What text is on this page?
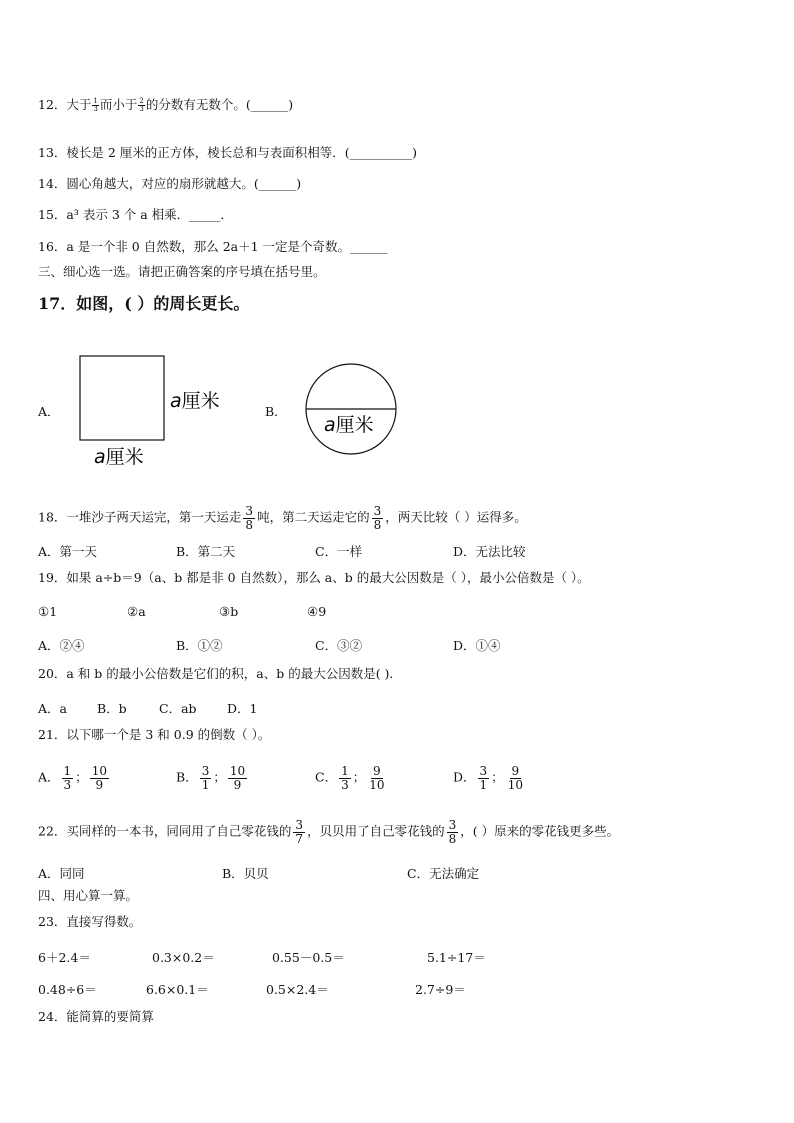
12．大于 $\frac{1}{3}$ 而小于 $\frac{2}{3}$ 的分数有无数个。(______)
13．棱长是 2 厘米的正方体，棱长总和与表面积相等．(__________)
14．圆心角越大，对应的扇形就越大。(______)
15．a³ 表示 3 个 a 相乘．_____．
16．a 是一个非 0 自然数，那么 2a＋1 一定是个奇数。______
三、细心选一选。请把正确答案的序号填在括号里。
17．如图，( ）的周长更长。
A．	a厘米
a厘米
B．
a厘米
18．一堆沙子两天运完，第一天运走 $\frac{3}{8}$ 吨，第二天运走它的 $\frac{3}{8}$ ，两天比较（ ）运得多。
A．第一天	B．第二天	C．一样	D．无法比较
19．如果 a÷b＝9（a、b 都是非 0 自然数），那么 a、b 的最大公因数是（ ），最小公倍数是（ ）。
①1	②a	③b	④9
A．②④	B．①②	C．③②	D．①④
20．a 和 b 的最小公倍数是它们的积，a、b 的最大公因数是( )．
A．a B．b	C．ab D．1
21．以下哪一个是 3 和 0.9 的倒数（ ）。
A． $\frac{1}{3}$ ； $\frac{10}{9}$	B． $\frac{3}{1}$ ； $\frac{10}{9}$	C． $\frac{1}{3}$ ； $\frac{9}{10}$	D． $\frac{3}{1}$ ； $\frac{9}{10}$
22．买同样的一本书，同同用了自己零花钱的 $\frac{3}{7}$ ，贝贝用了自己零花钱的 $\frac{3}{8}$ ，( ）原来的零花钱更多些。
A．同同	B．贝贝	C．无法确定
四、用心算一算。
23．直接写得数。
6＋2.4＝	0.3×0.2＝	0.55－0.5＝	5.1÷17＝
0.48÷6＝	6.6×0.1＝	0.5×2.4＝	2.7÷9＝
24．能简算的要简算
